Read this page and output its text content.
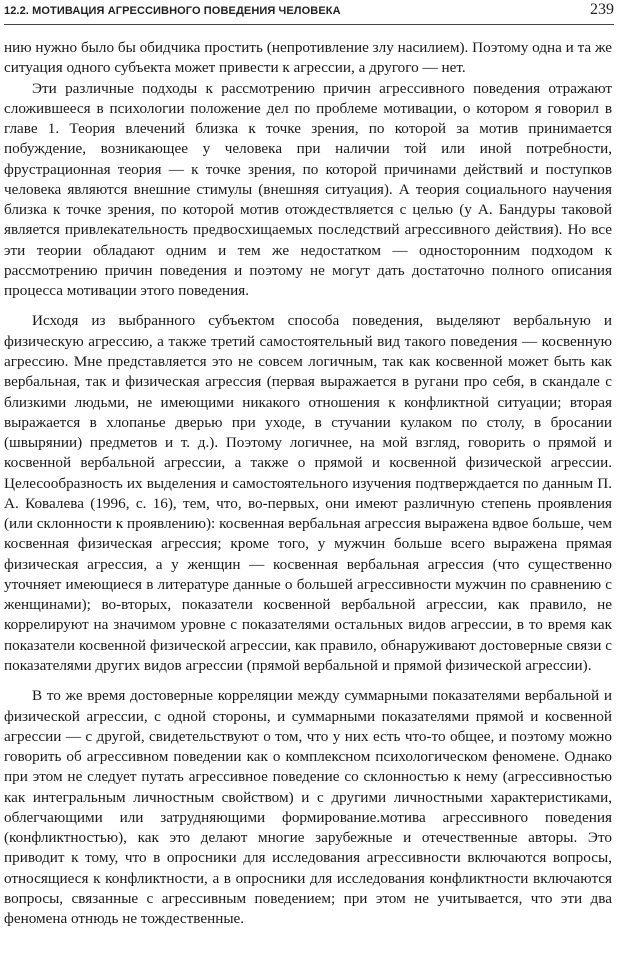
12.2. МОТИВАЦИЯ АГРЕССИВНОГО ПОВЕДЕНИЯ ЧЕЛОВЕКА	239

нию нужно было бы обидчика простить (непротивление злу насилием). Поэтому одна и та же ситуация одного субъекта может привести к агрессии, а другого — нет.

Эти различные подходы к рассмотрению причин агрессивного поведения отражают сложившееся в психологии положение дел по проблеме мотивации, о котором я говорил в главе 1. Теория влечений близка к точке зрения, по которой за мотив принимается побуждение, возникающее у человека при наличии той или иной потребности, фрустрационная теория — к точке зрения, по которой причинами действий и поступков человека являются внешние стимулы (внешняя ситуация). А теория социального научения близка к точке зрения, по которой мотив отождествляется с целью (у А. Бандуры таковой является привлекательность предвосхищаемых последствий агрессивного действия). Но все эти теории обладают одним и тем же недостатком — односторонним подходом к рассмотрению причин поведения и поэтому не могут дать достаточно полного описания процесса мотивации этого поведения.

Исходя из выбранного субъектом способа поведения, выделяют вербальную и физическую агрессию, а также третий самостоятельный вид такого поведения — косвенную агрессию. Мне представляется это не совсем логичным, так как косвенной может быть как вербальная, так и физическая агрессия (первая выражается в ругани про себя, в скандале с близкими людьми, не имеющими никакого отношения к конфликтной ситуации; вторая выражается в хлопанье дверью при уходе, в стучании кулаком по столу, в бросании (швырянии) предметов и т. д.). Поэтому логичнее, на мой взгляд, говорить о прямой и косвенной вербальной агрессии, а также о прямой и косвенной физической агрессии. Целесообразность их выделения и самостоятельного изучения подтверждается по данным П. А. Ковалева (1996, с. 16), тем, что, во-первых, они имеют различную степень проявления (или склонности к проявлению): косвенная вербальная агрессия выражена вдвое больше, чем косвенная физическая агрессия; кроме того, у мужчин больше всего выражена прямая физическая агрессия, а у женщин — косвенная вербальная агрессия (что существенно уточняет имеющиеся в литературе данные о большей агрессивности мужчин по сравнению с женщинами); во-вторых, показатели косвенной вербальной агрессии, как правило, не коррелируют на значимом уровне с показателями остальных видов агрессии, в то время как показатели косвенной физической агрессии, как правило, обнаруживают достоверные связи с показателями других видов агрессии (прямой вербальной и прямой физической агрессии).

В то же время достоверные корреляции между суммарными показателями вербальной и физической агрессии, с одной стороны, и суммарными показателями прямой и косвенной агрессии — с другой, свидетельствуют о том, что у них есть что-то общее, и поэтому можно говорить об агрессивном поведении как о комплексном психологическом феномене. Однако при этом не следует путать агрессивное поведение со склонностью к нему (агрессивностью как интегральным личностным свойством) и с другими личностными характеристиками, облегчающими или затрудняющими формирование.мотива агрессивного поведения (конфликтностью), как это делают многие зарубежные и отечественные авторы. Это приводит к тому, что в опросники для исследования агрессивности включаются вопросы, относящиеся к конфликтности, а в опросники для исследования конфликтности включаются вопросы, связанные с агрессивным поведением; при этом не учитывается, что эти два феномена отнюдь не тождественные.
